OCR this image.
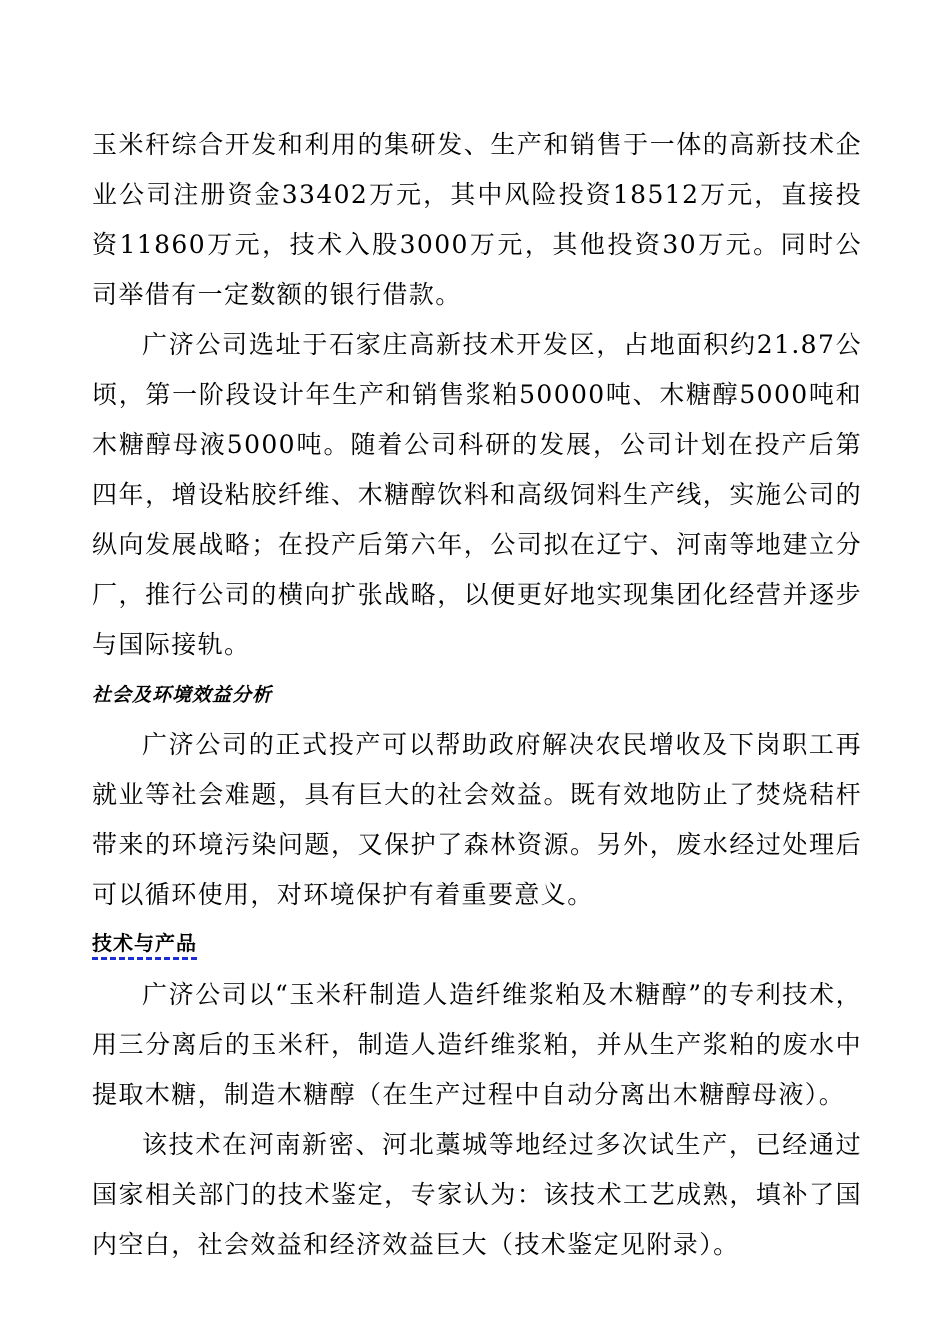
玉米秆综合开发和利用的集研发、生产和销售于一体的高新技术企业公司注册资金33402万元，其中风险投资18512万元，直接投资11860万元，技术入股3000万元，其他投资30万元。同时公司举借有一定数额的银行借款。

广济公司选址于石家庄高新技术开发区，占地面积约21.87公顷，第一阶段设计年生产和销售浆粕50000吨、木糖醇5000吨和木糖醇母液5000吨。随着公司科研的发展，公司计划在投产后第四年，增设粘胶纤维、木糖醇饮料和高级饲料生产线，实施公司的纵向发展战略；在投产后第六年，公司拟在辽宁、河南等地建立分厂，推行公司的横向扩张战略，以便更好地实现集团化经营并逐步与国际接轨。

社会及环境效益分析

广济公司的正式投产可以帮助政府解决农民增收及下岗职工再就业等社会难题，具有巨大的社会效益。既有效地防止了焚烧秸杆带来的环境污染问题，又保护了森林资源。另外，废水经过处理后可以循环使用，对环境保护有着重要意义。

技术与产品

广济公司以“玉米秆制造人造纤维浆粕及木糖醇”的专利技术，用三分离后的玉米秆，制造人造纤维浆粕，并从生产浆粕的废水中提取木糖，制造木糖醇（在生产过程中自动分离出木糖醇母液）。

该技术在河南新密、河北藁城等地经过多次试生产，已经通过国家相关部门的技术鉴定，专家认为：该技术工艺成熟，填补了国内空白，社会效益和经济效益巨大（技术鉴定见附录）。
